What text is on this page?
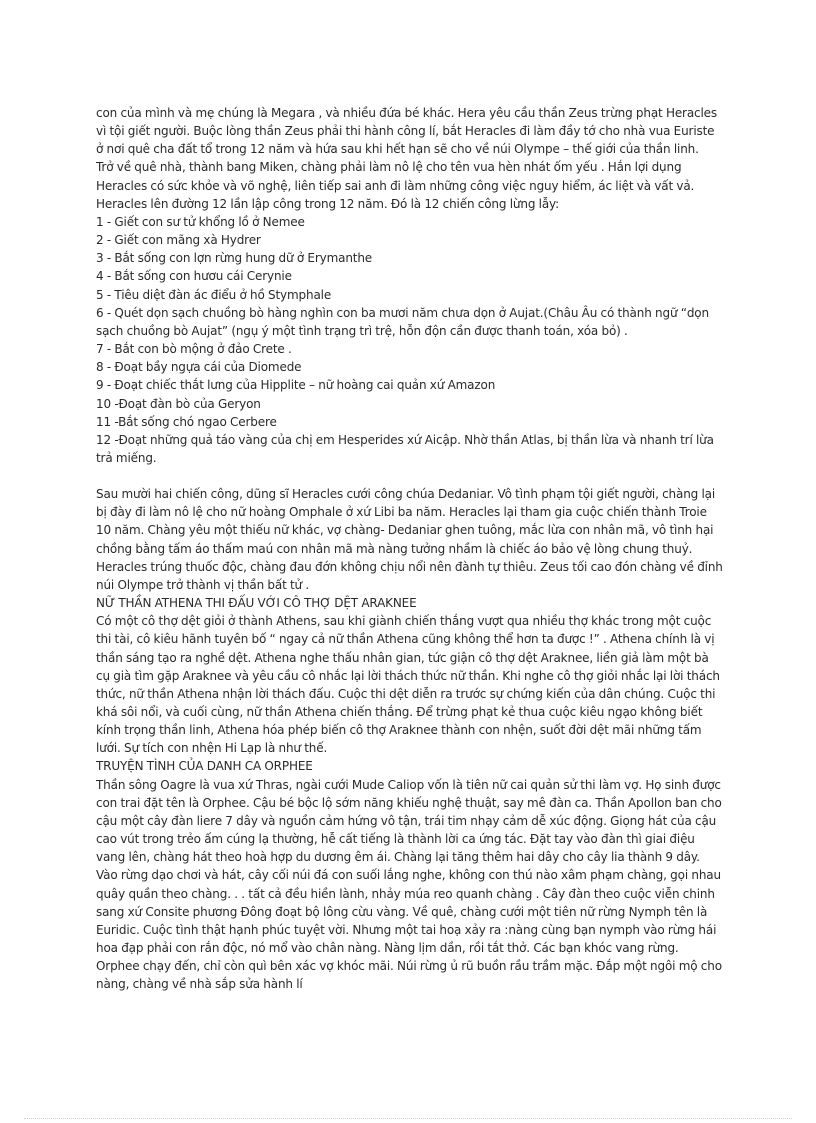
con của mình và mẹ chúng là Megara , và nhiều đứa bé khác. Hera yêu cầu thần Zeus trừng phạt Heracles vì tội giết người. Buộc lòng thần Zeus phải thi hành công lí, bắt Heracles đi làm đầy tớ cho nhà vua Euriste ở nơi quê cha đất tổ trong 12 năm và hứa sau khi hết hạn sẽ cho về núi Olympe – thế giới của thần linh.

Trở về quê nhà, thành bang Miken, chàng phải làm nô lệ cho tên vua hèn nhát ốm yếu . Hắn lợi dụng Heracles có sức khỏe và võ nghệ, liên tiếp sai anh đi làm những công việc nguy hiểm, ác liệt và vất vả. Heracles lên đường 12 lần lập công trong 12 năm. Đó là 12 chiến công lừng lẫy:

1 - Giết con sư tử khổng lồ ở Nemee

2 - Giết con mãng xà Hydrer

3 - Bắt sống con lợn rừng hung dữ ở Erymanthe

4 - Bắt sống con hươu cái Cerynie

5 - Tiêu diệt đàn ác điểu ở hồ Stymphale

6 - Quét dọn sạch chuồng bò hàng nghìn con ba mươi năm chưa dọn ở Aujat.(Châu Âu có thành ngữ “dọn sạch chuồng bò Aujat” (ngụ ý một tình trạng trì trệ, hỗn độn cần được thanh toán, xóa bỏ) .

7 - Bắt con bò mộng ở đảo Crete .

8 - Đoạt bầy ngựa cái của Diomede

9 - Đoạt chiếc thắt lưng của Hipplite – nữ hoàng cai quản xứ Amazon

10 -Đoạt đàn bò của Geryon

11 -Bắt sống chó ngao Cerbere

12 -Đoạt những quả táo vàng của chị em Hesperides xứ Aicập. Nhờ thần Atlas, bị thần lừa và nhanh trí lừa trả miếng.

Sau mười hai chiến công, dũng sĩ Heracles cưới công chúa Dedaniar. Vô tình phạm tội giết người, chàng lại bị đày đi làm nô lệ cho nữ hoàng Omphale ở xứ Libi ba năm. Heracles lại tham gia cuộc chiến thành Troie 10 năm. Chàng yêu một thiếu nữ khác, vợ chàng- Dedaniar ghen tuông, mắc lừa con nhân mã, vô tình hại chồng bằng tấm áo thấm maú con nhân mã mà nàng tưởng nhầm là chiếc áo bảo vệ lòng chung thuỷ. Heracles trúng thuốc độc, chàng đau đớn không chịu nổi nên đành tự thiêu. Zeus tối cao đón chàng về đỉnh núi Olympe trở thành vị thần bất tử .

NỮ THẦN ATHENA THI ĐẤU VỚI CÔ THỢ DỆT ARAKNEE

Có một cô thợ dệt giỏi ở thành Athens, sau khi giành chiến thắng vượt qua nhiều thợ khác trong một cuộc thi tài, cô kiêu hãnh tuyên bố “ ngay cả nữ thần Athena cũng không thể hơn ta được !” . Athena chính là vị thần sáng tạo ra nghề dệt. Athena nghe thấu nhân gian, tức giận cô thợ dệt Araknee, liền giả làm một bà cụ già tìm gặp Araknee và yêu cầu cô nhắc lại lời thách thức nữ thần. Khi nghe cô thợ giỏi nhắc lại lời thách thức, nữ thần Athena nhận lời thách đấu. Cuộc thi dệt diễn ra trước sự chứng kiến của dân chúng. Cuộc thi khá sôi nổi, và cuối cùng, nữ thần Athena chiến thắng. Để trừng phạt kẻ thua cuộc kiêu ngạo không biết kính trọng thần linh, Athena hóa phép biến cô thợ Araknee thành con nhện, suốt đời dệt mãi những tấm lưới. Sự tích con nhện Hi Lạp là như thế.

TRUYỆN TÌNH CỦA DANH CA ORPHEE

Thần sông Oagre là vua xứ Thras, ngài cưới Mude Caliop vốn là tiên nữ cai quản sử thi làm vợ. Họ sinh được con trai đặt tên là Orphee. Cậu bé bộc lộ sớm năng khiếu nghệ thuật, say mê đàn ca. Thần Apollon ban cho cậu một cây đàn liere 7 dây và nguồn cảm hứng vô tận, trái tim nhạy cảm dễ xúc động. Giọng hát của cậu cao vút trong trẻo ấm cúng lạ thường, hễ cất tiếng là thành lời ca ứng tác. Đặt tay vào đàn thì giai điệu vang lên, chàng hát theo hoà hợp du dương êm ái. Chàng lại tăng thêm hai dây cho cây lia thành 9 dây. Vào rừng dạo chơi và hát, cây cối núi đá con suối lắng nghe, không con thú nào xâm phạm chàng, gọi nhau quây quần theo chàng. . . tất cả đều hiền lành, nhảy múa reo quanh chàng . Cây đàn theo cuộc viễn chinh sang xứ Consite phương Đông đoạt bộ lông cừu vàng. Về quê, chàng cưới một tiên nữ rừng Nymph tên là Euridic. Cuộc tình thật hạnh phúc tuyệt vời. Nhưng một tai hoạ xảy ra :nàng cùng bạn nymph vào rừng hái hoa đạp phải con rắn độc, nó mổ vào chân nàng. Nàng lịm dần, rồi tắt thở. Các bạn khóc vang rừng. Orphee chạy đến, chỉ còn quì bên xác vợ khóc mãi. Núi rừng ủ rũ buồn rầu trầm mặc. Đắp một ngôi mộ cho nàng, chàng về nhà sắp sửa hành lí
